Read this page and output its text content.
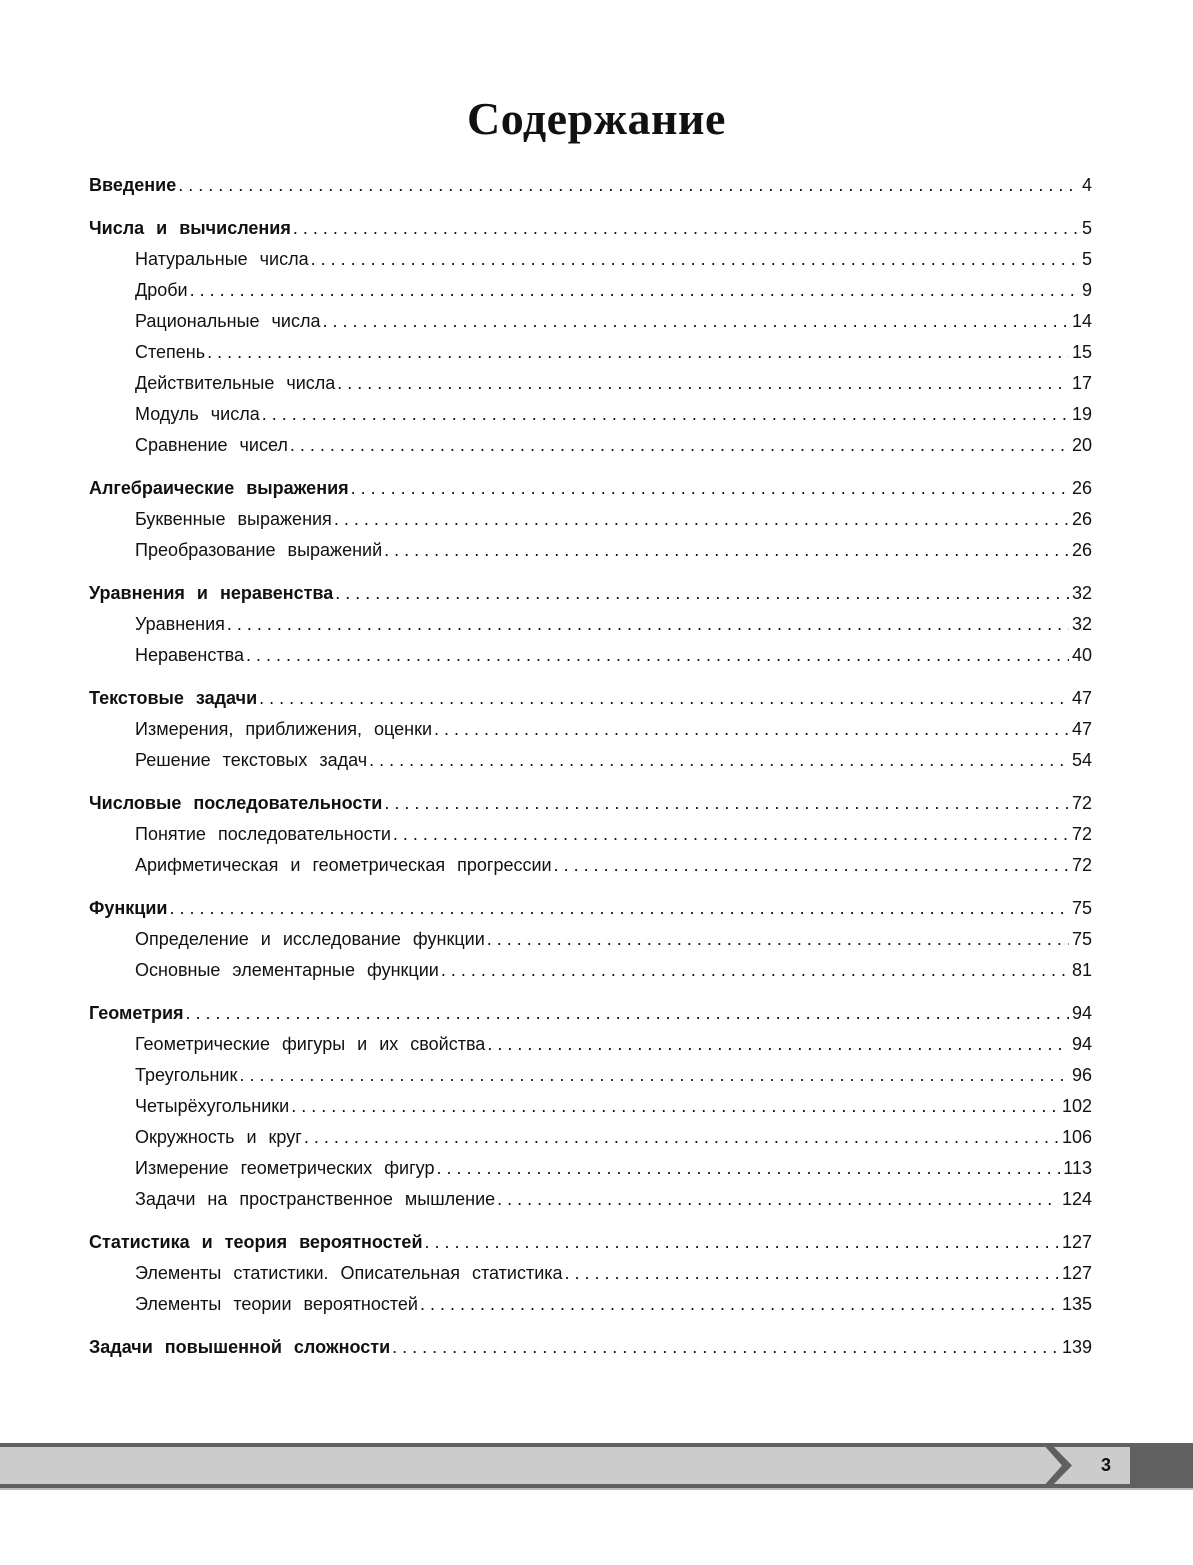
Содержание
Введение . . .	4
Числа и вычисления . . .	5
Натуральные числа . . .	5
Дроби . . .	9
Рациональные числа . . .	14
Степень . . .	15
Действительные числа . . .	17
Модуль числа . . .	19
Сравнение чисел . . .	20
Алгебраические выражения . . .	26
Буквенные выражения . . .	26
Преобразование выражений . . .	26
Уравнения и неравенства . . .	32
Уравнения . . .	32
Неравенства . . .	40
Текстовые задачи . . .	47
Измерения, приближения, оценки . . .	47
Решение текстовых задач . . .	54
Числовые последовательности . . .	72
Понятие последовательности . . .	72
Арифметическая и геометрическая прогрессии . . .	72
Функции . . .	75
Определение и исследование функции . . .	75
Основные элементарные функции . . .	81
Геометрия . . .	94
Геометрические фигуры и их свойства . . .	94
Треугольник . . .	96
Четырёхугольники . . .	102
Окружность и круг . . .	106
Измерение геометрических фигур . . .	113
Задачи на пространственное мышление . . .	124
Статистика и теория вероятностей . . .	127
Элементы статистики. Описательная статистика . . .	127
Элементы теории вероятностей . . .	135
Задачи повышенной сложности . . .	139
3
